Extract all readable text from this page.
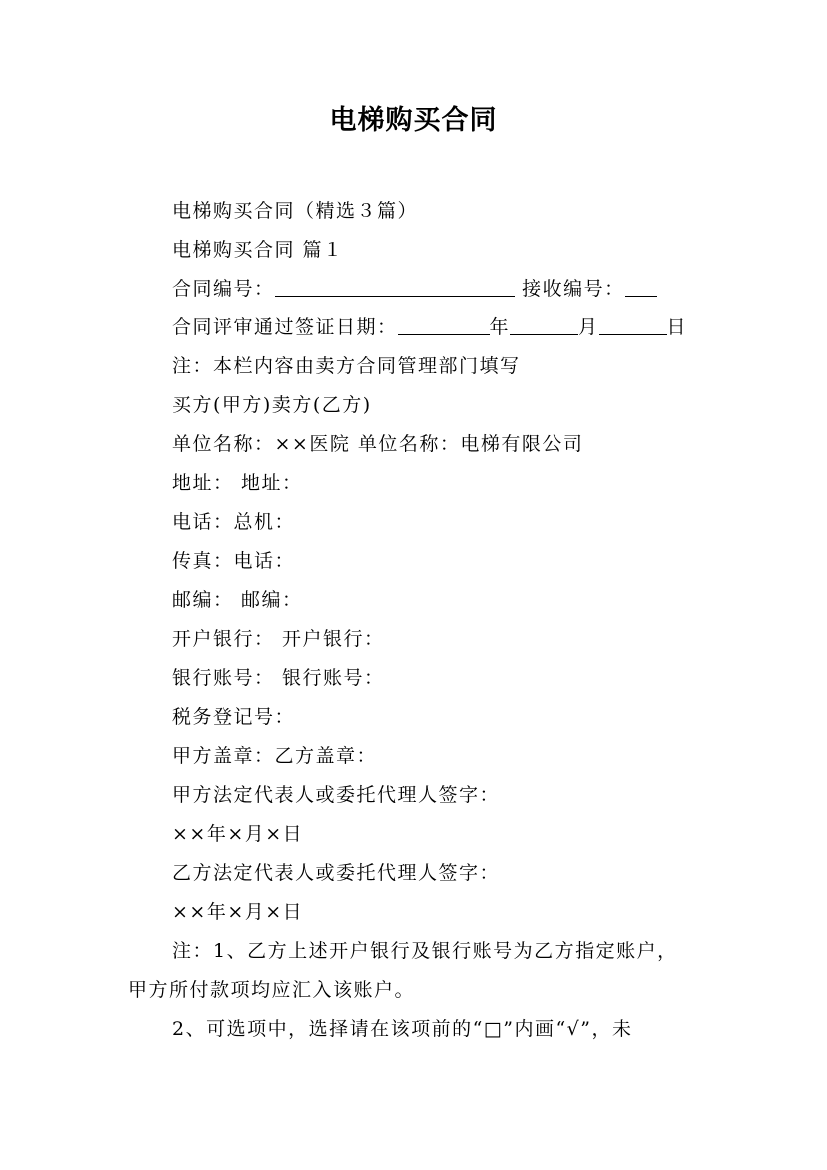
电梯购买合同
电梯购买合同（精选３篇）
电梯购买合同 篇１
合同编号：	接收编号：
合同评审通过签证日期：	年	月	日
注：本栏内容由卖方合同管理部门填写
买方(甲方)卖方(乙方)
单位名称：××医院 单位名称：电梯有限公司
地址： 地址：
电话：总机：
传真：电话：
邮编： 邮编：
开户银行： 开户银行：
银行账号： 银行账号：
税务登记号：
甲方盖章：乙方盖章：
甲方法定代表人或委托代理人签字：
××年×月×日
乙方法定代表人或委托代理人签字：
××年×月×日
注：1、乙方上述开户银行及银行账号为乙方指定账户，
甲方所付款项均应汇入该账户。
2、可选项中，选择请在该项前的“□”内画“√”，未
